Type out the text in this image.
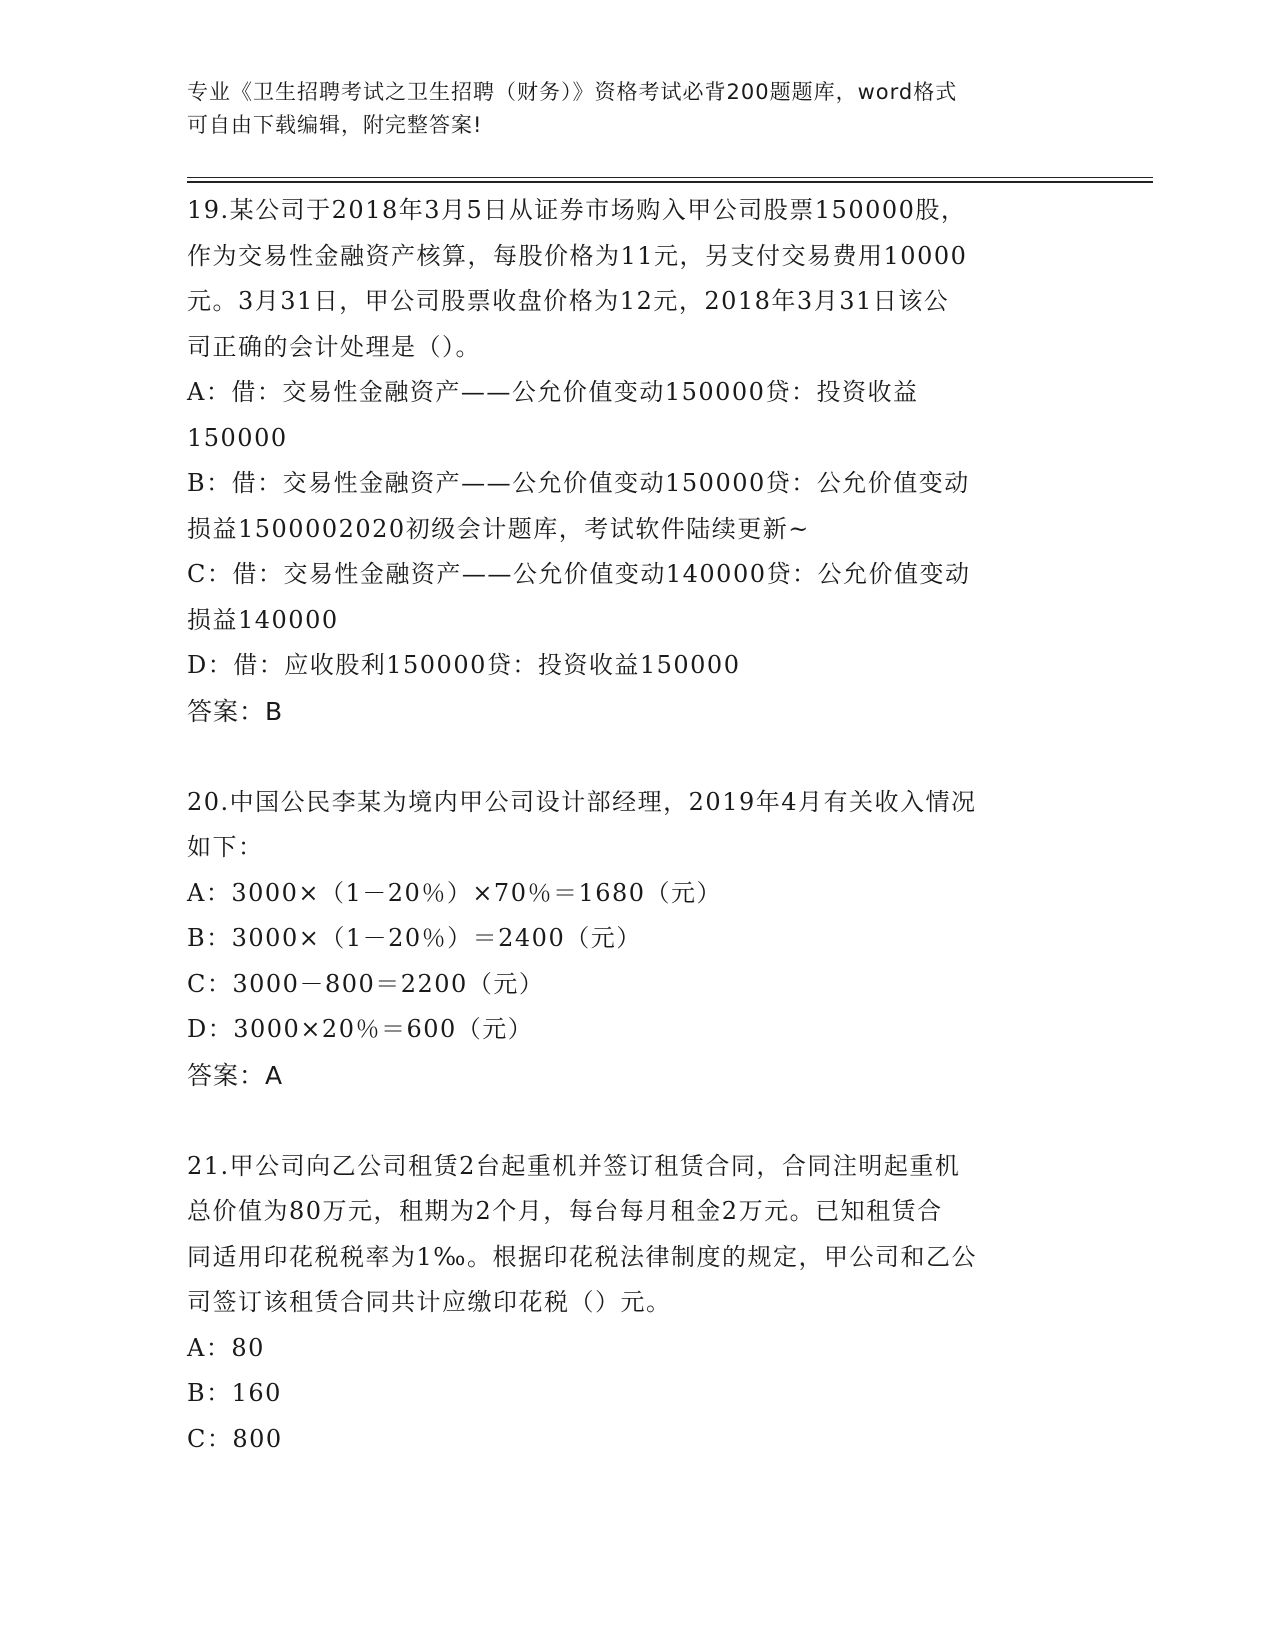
专业《卫生招聘考试之卫生招聘（财务）》资格考试必背200题题库，word格式
可自由下载编辑，附完整答案!
19.某公司于2018年3月5日从证券市场购入甲公司股票150000股，
作为交易性金融资产核算，每股价格为11元，另支付交易费用10000
元。3月31日，甲公司股票收盘价格为12元，2018年3月31日该公
司正确的会计处理是（）。
A：借：交易性金融资产——公允价值变动150000贷：投资收益
150000
B：借：交易性金融资产——公允价值变动150000贷：公允价值变动
损益1500002020初级会计题库，考试软件陆续更新~
C：借：交易性金融资产——公允价值变动140000贷：公允价值变动
损益140000
D：借：应收股利150000贷：投资收益150000
答案：B
20.中国公民李某为境内甲公司设计部经理，2019年4月有关收入情况
如下：
A：3000×（1－20％）×70％＝1680（元）
B：3000×（1－20％）＝2400（元）
C：3000－800＝2200（元）
D：3000×20％＝600（元）
答案：A
21.甲公司向乙公司租赁2台起重机并签订租赁合同，合同注明起重机
总价值为80万元，租期为2个月，每台每月租金2万元。已知租赁合
同适用印花税税率为1‰。根据印花税法律制度的规定，甲公司和乙公
司签订该租赁合同共计应缴印花税（）元。
A：80
B：160
C：800
